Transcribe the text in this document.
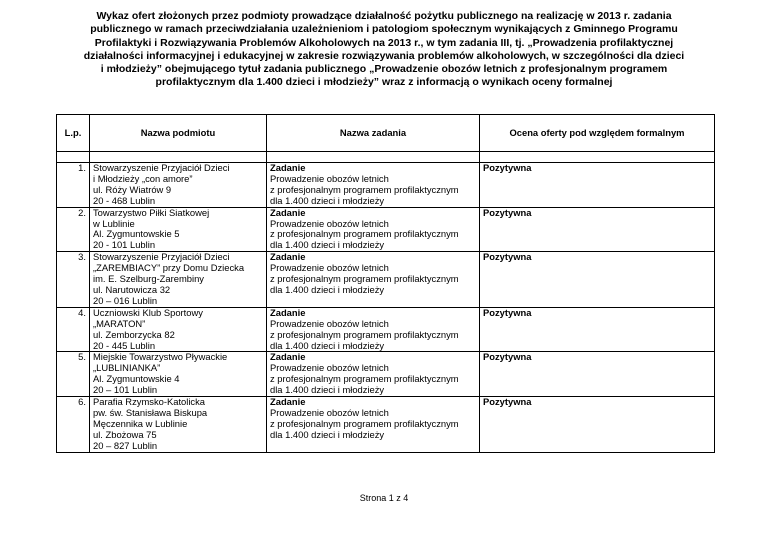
Wykaz ofert złożonych przez podmioty prowadzące działalność pożytku publicznego na realizację w 2013 r. zadania
publicznego w ramach przeciwdziałania uzależnieniom i patologiom społecznym wynikających z Gminnego Programu
Profilaktyki i Rozwiązywania Problemów Alkoholowych na 2013 r., w tym zadania III, tj. „Prowadzenia profilaktycznej
działalności informacyjnej i edukacyjnej w zakresie rozwiązywania problemów alkoholowych, w szczególności dla dzieci
i młodzieży” obejmującego tytuł zadania publicznego „Prowadzenie obozów letnich z profesjonalnym programem
profilaktycznym dla 1.400 dzieci i młodzieży” wraz z informacją o wynikach oceny formalnej
L.p.	Nazwa podmiotu	Nazwa zadania	Ocena oferty pod względem formalnym

1.	Stowarzyszenie Przyjaciół Dzieci
i Młodzieży „con amore”
ul. Róży Wiatrów 9
20 - 468 Lublin	Zadanie
Prowadzenie obozów letnich
z profesjonalnym programem profilaktycznym
dla 1.400 dzieci i młodzieży	Pozytywna
2.	Towarzystwo Piłki Siatkowej
w Lublinie
Al. Zygmuntowskie 5
20 - 101 Lublin	Zadanie
Prowadzenie obozów letnich
z profesjonalnym programem profilaktycznym
dla 1.400 dzieci i młodzieży	Pozytywna
3.	Stowarzyszenie Przyjaciół Dzieci
„ZAREMBIACY” przy Domu Dziecka
im. E. Szelburg-Zarembiny
ul. Narutowicza 32
20 – 016 Lublin	Zadanie
Prowadzenie obozów letnich
z profesjonalnym programem profilaktycznym
dla 1.400 dzieci i młodzieży	Pozytywna
4.	Uczniowski Klub Sportowy
„MARATON”
ul. Zemborzycka 82
20 - 445 Lublin	Zadanie
Prowadzenie obozów letnich
z profesjonalnym programem profilaktycznym
dla 1.400 dzieci i młodzieży	Pozytywna
5.	Miejskie Towarzystwo Pływackie
„LUBLINIANKA”
Al. Zygmuntowskie 4
20 – 101 Lublin	Zadanie
Prowadzenie obozów letnich
z profesjonalnym programem profilaktycznym
dla 1.400 dzieci i młodzieży	Pozytywna
6.	Parafia Rzymsko-Katolicka
pw. św. Stanisława Biskupa
Męczennika w Lublinie
ul. Zbożowa 75
20 – 827 Lublin	Zadanie
Prowadzenie obozów letnich
z profesjonalnym programem profilaktycznym
dla 1.400 dzieci i młodzieży	Pozytywna
Strona 1 z 4
